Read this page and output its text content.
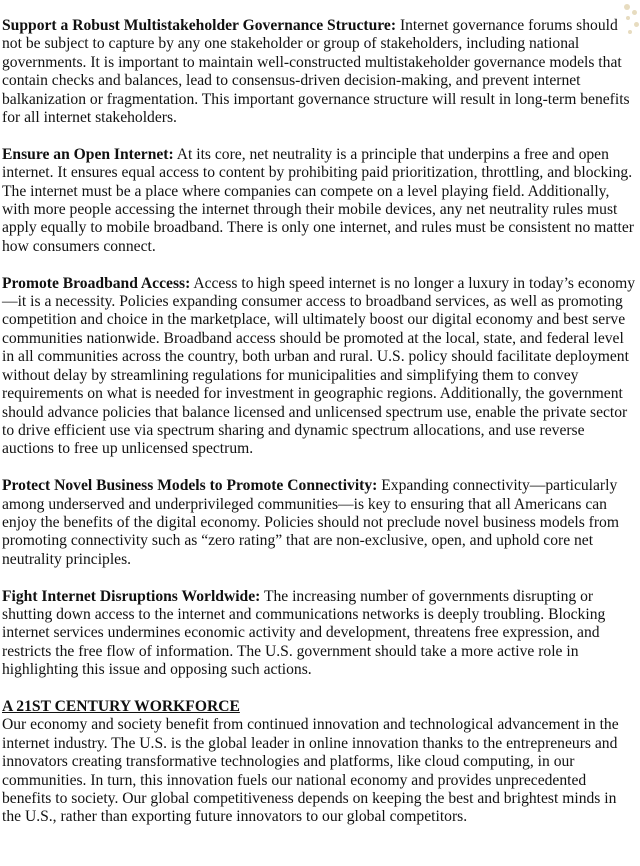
Support a Robust Multistakeholder Governance Structure: Internet governance forums should not be subject to capture by any one stakeholder or group of stakeholders, including national governments. It is important to maintain well-constructed multistakeholder governance models that contain checks and balances, lead to consensus-driven decision-making, and prevent internet balkanization or fragmentation. This important governance structure will result in long-term benefits for all internet stakeholders.

Ensure an Open Internet: At its core, net neutrality is a principle that underpins a free and open internet. It ensures equal access to content by prohibiting paid prioritization, throttling, and blocking. The internet must be a place where companies can compete on a level playing field. Additionally, with more people accessing the internet through their mobile devices, any net neutrality rules must apply equally to mobile broadband. There is only one internet, and rules must be consistent no matter how consumers connect.

Promote Broadband Access: Access to high speed internet is no longer a luxury in today’s economy—it is a necessity. Policies expanding consumer access to broadband services, as well as promoting competition and choice in the marketplace, will ultimately boost our digital economy and best serve communities nationwide. Broadband access should be promoted at the local, state, and federal level in all communities across the country, both urban and rural. U.S. policy should facilitate deployment without delay by streamlining regulations for municipalities and simplifying them to convey requirements on what is needed for investment in geographic regions. Additionally, the government should advance policies that balance licensed and unlicensed spectrum use, enable the private sector to drive efficient use via spectrum sharing and dynamic spectrum allocations, and use reverse auctions to free up unlicensed spectrum.

Protect Novel Business Models to Promote Connectivity: Expanding connectivity—particularly among underserved and underprivileged communities—is key to ensuring that all Americans can enjoy the benefits of the digital economy. Policies should not preclude novel business models from promoting connectivity such as “zero rating” that are non-exclusive, open, and uphold core net neutrality principles.

Fight Internet Disruptions Worldwide: The increasing number of governments disrupting or shutting down access to the internet and communications networks is deeply troubling. Blocking internet services undermines economic activity and development, threatens free expression, and restricts the free flow of information. The U.S. government should take a more active role in highlighting this issue and opposing such actions.

A 21ST CENTURY WORKFORCE

Our economy and society benefit from continued innovation and technological advancement in the internet industry. The U.S. is the global leader in online innovation thanks to the entrepreneurs and innovators creating transformative technologies and platforms, like cloud computing, in our communities. In turn, this innovation fuels our national economy and provides unprecedented benefits to society. Our global competitiveness depends on keeping the best and brightest minds in the U.S., rather than exporting future innovators to our global competitors.
